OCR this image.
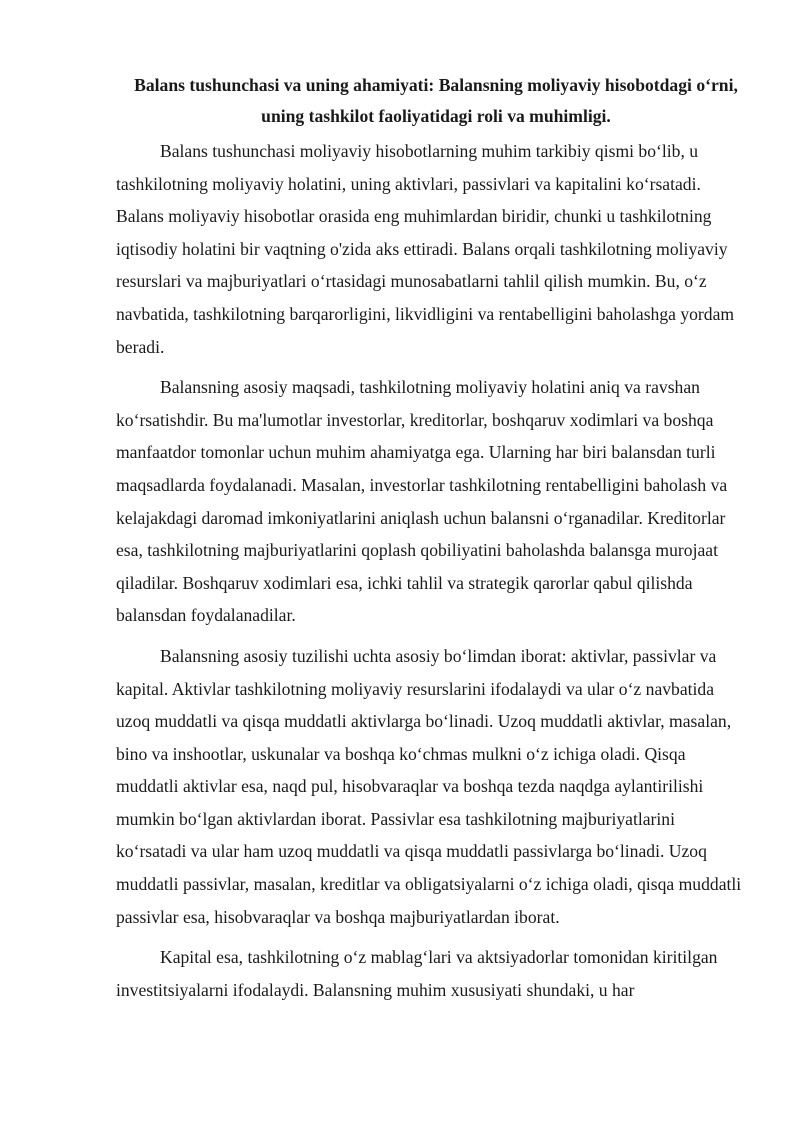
Balans tushunchasi va uning ahamiyati: Balansning moliyaviy hisobotdagi o‘rni, uning tashkilot faoliyatidagi roli va muhimligi.

Balans tushunchasi moliyaviy hisobotlarning muhim tarkibiy qismi bo‘lib, u tashkilotning moliyaviy holatini, uning aktivlari, passivlari va kapitalini ko‘rsatadi. Balans moliyaviy hisobotlar orasida eng muhimlardan biridir, chunki u tashkilotning iqtisodiy holatini bir vaqtning o'zida aks ettiradi. Balans orqali tashkilotning moliyaviy resurslari va majburiyatlari o‘rtasidagi munosabatlarni tahlil qilish mumkin. Bu, o‘z navbatida, tashkilotning barqarorligini, likvidligini va rentabelligini baholashga yordam beradi.

Balansning asosiy maqsadi, tashkilotning moliyaviy holatini aniq va ravshan ko‘rsatishdir. Bu ma'lumotlar investorlar, kreditorlar, boshqaruv xodimlari va boshqa manfaatdor tomonlar uchun muhim ahamiyatga ega. Ularning har biri balansdan turli maqsadlarda foydalanadi. Masalan, investorlar tashkilotning rentabelligini baholash va kelajakdagi daromad imkoniyatlarini aniqlash uchun balansni o‘rganadilar. Kreditorlar esa, tashkilotning majburiyatlarini qoplash qobiliyatini baholashda balansga murojaat qiladilar. Boshqaruv xodimlari esa, ichki tahlil va strategik qarorlar qabul qilishda balansdan foydalanadilar.

Balansning asosiy tuzilishi uchta asosiy bo‘limdan iborat: aktivlar, passivlar va kapital. Aktivlar tashkilotning moliyaviy resurslarini ifodalaydi va ular o‘z navbatida uzoq muddatli va qisqa muddatli aktivlarga bo‘linadi. Uzoq muddatli aktivlar, masalan, bino va inshootlar, uskunalar va boshqa ko‘chmas mulkni o‘z ichiga oladi. Qisqa muddatli aktivlar esa, naqd pul, hisobvaraqlar va boshqa tezda naqdga aylantirilishi mumkin bo‘lgan aktivlardan iborat. Passivlar esa tashkilotning majburiyatlarini ko‘rsatadi va ular ham uzoq muddatli va qisqa muddatli passivlarga bo‘linadi. Uzoq muddatli passivlar, masalan, kreditlar va obligatsiyalarni o‘z ichiga oladi, qisqa muddatli passivlar esa, hisobvaraqlar va boshqa majburiyatlardan iborat.

Kapital esa, tashkilotning o‘z mablag‘lari va aktsiyadorlar tomonidan kiritilgan investitsiyalarni ifodalaydi. Balansning muhim xususiyati shundaki, u har
